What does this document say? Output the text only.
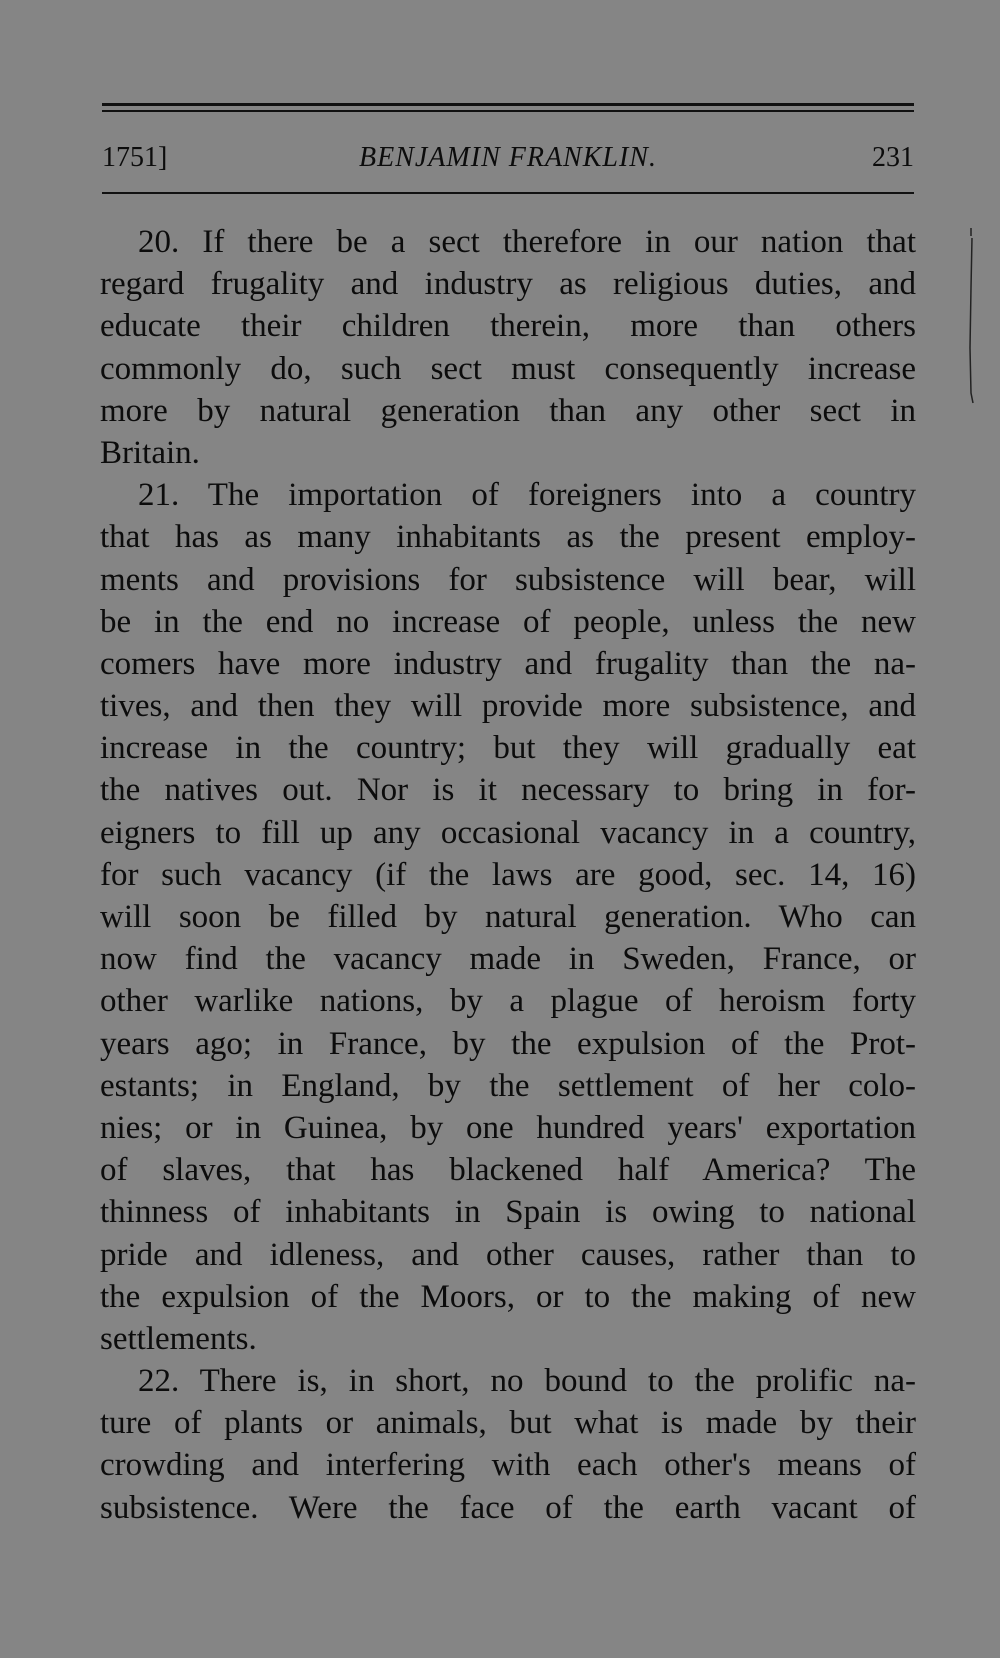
1751]	BENJAMIN FRANKLIN.	231
20. If there be a sect therefore in our nation that
regard frugality and industry as religious duties, and
educate their children therein, more than others
commonly do, such sect must consequently increase
more by natural generation than any other sect in
Britain.
21. The importation of foreigners into a country
that has as many inhabitants as the present employ-
ments and provisions for subsistence will bear, will
be in the end no increase of people, unless the new
comers have more industry and frugality than the na-
tives, and then they will provide more subsistence, and
increase in the country; but they will gradually eat
the natives out. Nor is it necessary to bring in for-
eigners to fill up any occasional vacancy in a country,
for such vacancy (if the laws are good, sec. 14, 16)
will soon be filled by natural generation. Who can
now find the vacancy made in Sweden, France, or
other warlike nations, by a plague of heroism forty
years ago; in France, by the expulsion of the Prot-
estants; in England, by the settlement of her colo-
nies; or in Guinea, by one hundred years' exportation
of slaves, that has blackened half America? The
thinness of inhabitants in Spain is owing to national
pride and idleness, and other causes, rather than to
the expulsion of the Moors, or to the making of new
settlements.
22. There is, in short, no bound to the prolific na-
ture of plants or animals, but what is made by their
crowding and interfering with each other's means of
subsistence. Were the face of the earth vacant of
